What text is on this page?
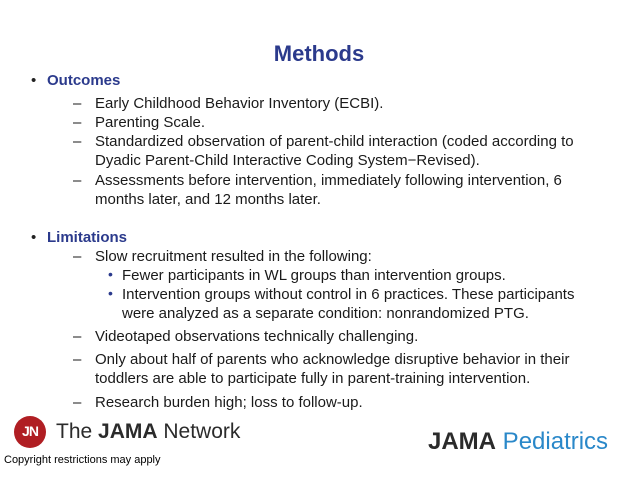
Methods
• Outcomes
– Early Childhood Behavior Inventory (ECBI).
– Parenting Scale.
– Standardized observation of parent-child interaction (coded according to
Dyadic Parent-Child Interactive Coding System−Revised).
– Assessments before intervention, immediately following intervention, 6
months later, and 12 months later.
• Limitations
– Slow recruitment resulted in the following:
• Fewer participants in WL groups than intervention groups.
• Intervention groups without control in 6 practices. These participants
were analyzed as a separate condition: nonrandomized PTG.
– Videotaped observations technically challenging.
– Only about half of parents who acknowledge disruptive behavior in their
toddlers are able to participate fully in parent-training intervention.
– Research burden high; loss to follow-up.
JN The JAMA Network	JAMA Pediatrics
Copyright restrictions may apply
